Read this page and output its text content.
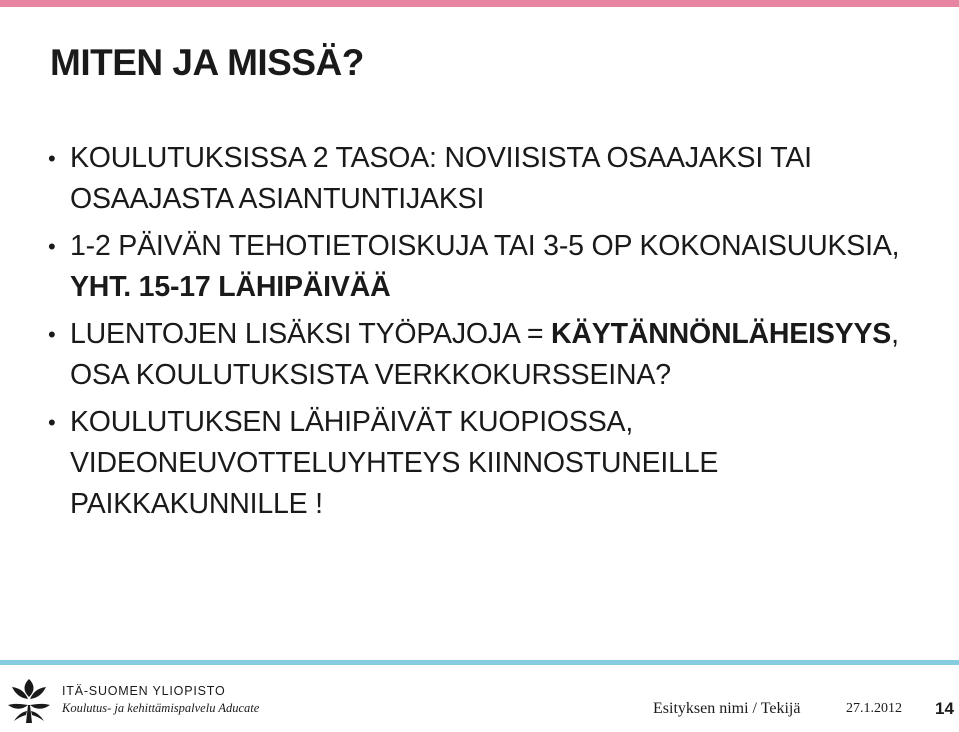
MITEN JA MISSÄ?
• KOULUTUKSISSA 2 TASOA: NOVIISISTA OSAAJAKSI TAI OSAAJASTA ASIANTUNTIJAKSI
• 1-2 PÄIVÄN TEHOTIETOISKUJA TAI 3-5 OP KOKONAISUUKSIA, YHT. 15-17 LÄHIPÄIVÄÄ
• LUENTOJEN LISÄKSI TYÖPAJOJA = KÄYTÄNNÖNLÄHEISYYS, OSA KOULUTUKSISTA VERKKOKURSSEINA?
• KOULUTUKSEN LÄHIPÄIVÄT KUOPIOSSA, VIDEONEUVOTTELUYHTEYS KIINNOSTUNEILLE PAIKKAKUNNILLE !
ITÄ-SUOMEN YLIOPISTO
Koulutus- ja kehittämispalvelu Aducate	Esityksen nimi / Tekijä	27.1.2012 14
